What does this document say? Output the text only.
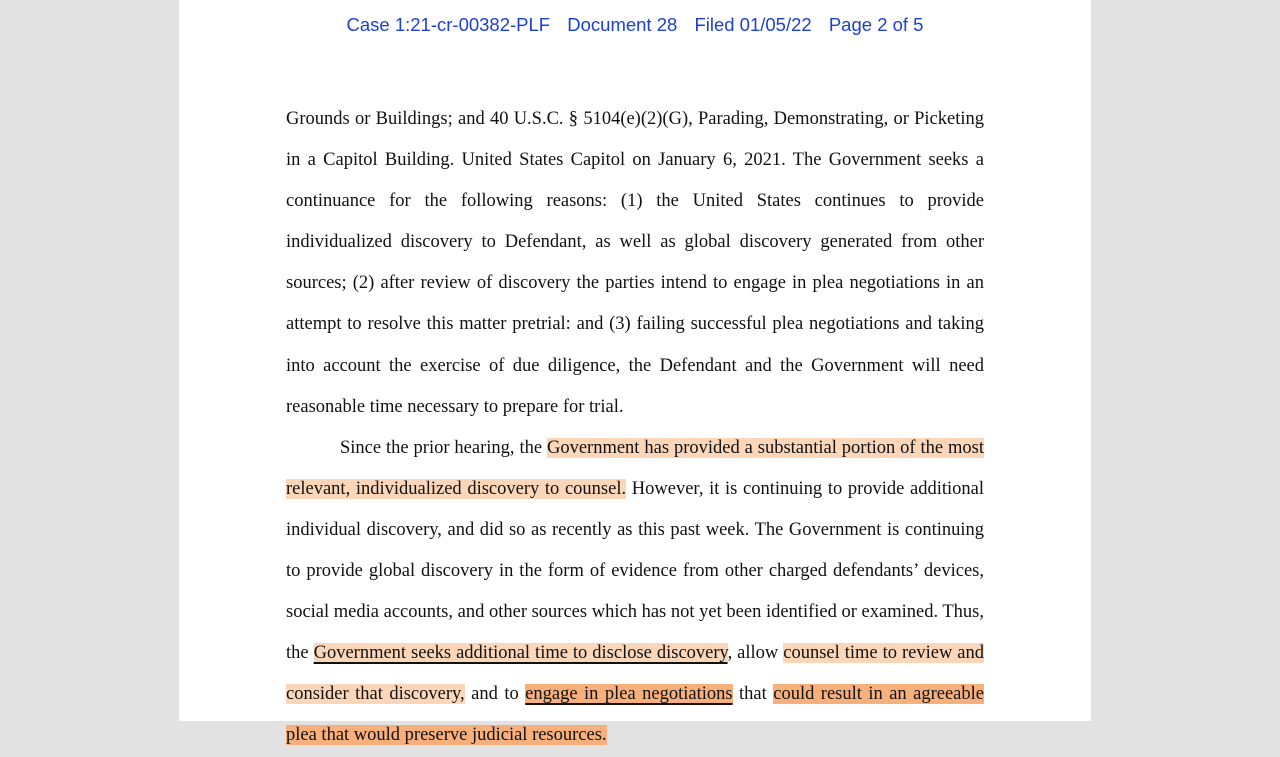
Case 1:21-cr-00382-PLF Document 28 Filed 01/05/22 Page 2 of 5

Grounds or Buildings; and 40 U.S.C. § 5104(e)(2)(G), Parading, Demonstrating, or Picketing in a Capitol Building. United States Capitol on January 6, 2021. The Government seeks a continuance for the following reasons: (1) the United States continues to provide individualized discovery to Defendant, as well as global discovery generated from other sources; (2) after review of discovery the parties intend to engage in plea negotiations in an attempt to resolve this matter pretrial: and (3) failing successful plea negotiations and taking into account the exercise of due diligence, the Defendant and the Government will need reasonable time necessary to prepare for trial.

Since the prior hearing, the Government has provided a substantial portion of the most relevant, individualized discovery to counsel. However, it is continuing to provide additional individual discovery, and did so as recently as this past week. The Government is continuing to provide global discovery in the form of evidence from other charged defendants’ devices, social media accounts, and other sources which has not yet been identified or examined. Thus, the Government seeks additional time to disclose discovery, allow counsel time to review and consider that discovery, and to engage in plea negotiations that could result in an agreeable plea that would preserve judicial resources.
